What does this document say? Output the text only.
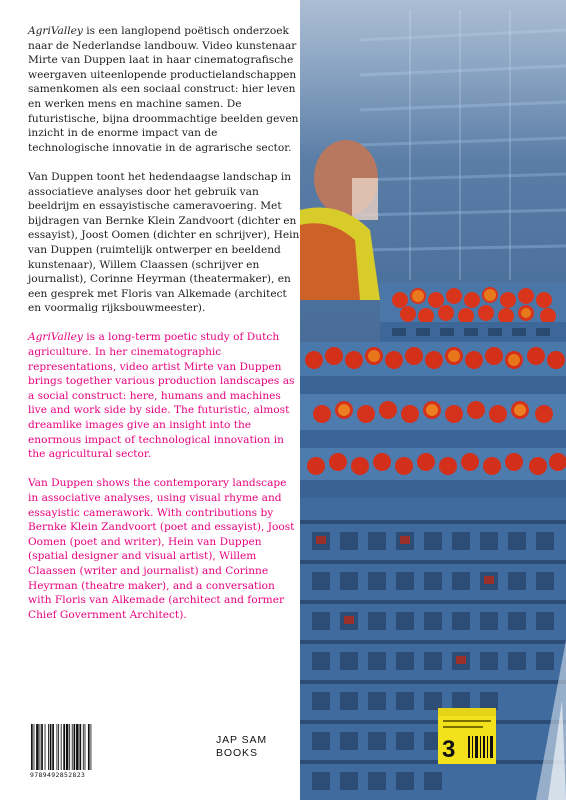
AgriValley is een langlopend poëtisch onderzoek naar de Nederlandse landbouw. Video kunstenaar Mirte van Duppen laat in haar cinematografische weergaven uiteenlopende productielandschappen samenkomen als een sociaal construct: hier leven en werken mens en machine samen. De futuristische, bijna droommachtige beelden geven inzicht in de enorme impact van de technologische innovatie in de agrarische sector.

Van Duppen toont het hedendaagse landschap in associatieve analyses door het gebruik van beeldrijm en essayistische cameravoering. Met bijdragen van Bernke Klein Zandvoort (dichter en essayist), Joost Oomen (dichter en schrijver), Hein van Duppen (ruimtelijk ontwerper en beeldend kunstenaar), Willem Claassen (schrijver en journalist), Corinne Heyrman (theatermaker), en een gesprek met Floris van Alkemade (architect en voormalig rijksbouwmeester).

AgriValley is a long-term poetic study of Dutch agriculture. In her cinematographic representations, video artist Mirte van Duppen brings together various production landscapes as a social construct: here, humans and machines live and work side by side. The futuristic, almost dreamlike images give an insight into the enormous impact of technological innovation in the agricultural sector.

Van Duppen shows the contemporary landscape in associative analyses, using visual rhyme and essayistic camerawork. With contributions by Bernke Klein Zandvoort (poet and essayist), Joost Oomen (poet and writer), Hein van Duppen (spatial designer and visual artist), Willem Claassen (writer and journalist) and Corinne Heyrman (theatre maker), and a conversation with Floris van Alkemade (architect and former Chief Government Architect).

3
9789492852823
JAP SAM
BOOKS
